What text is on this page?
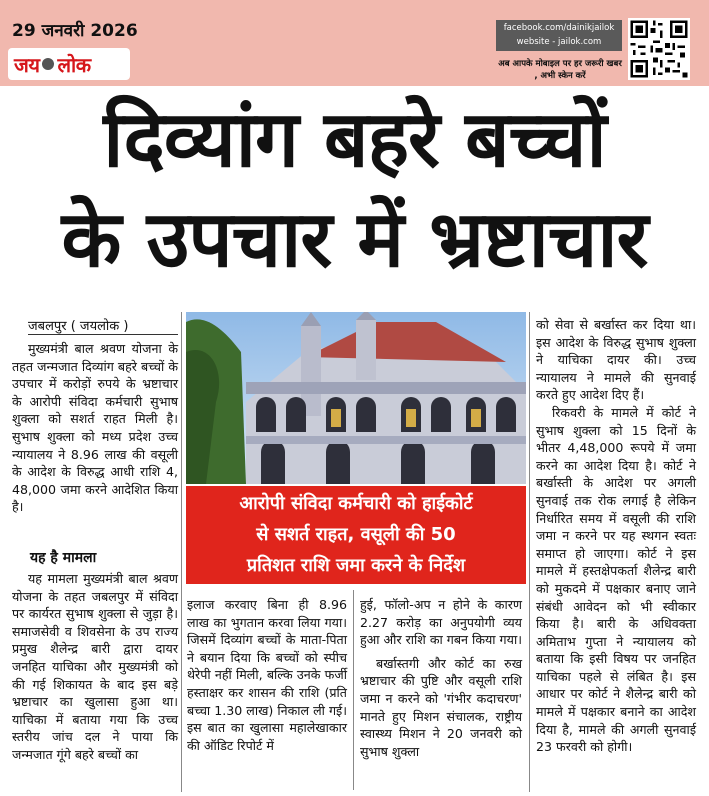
29 जनवरी 2026
जय लोक
facebook.com/dainikjailok
website - jailok.com
अब आपके मोबाइल पर हर जरूरी खबर , अभी स्केन करें
दिव्यांग बहरे बच्चों
के उपचार में भ्रष्टाचार
जबलपुर ( जयलोक )

मुख्यमंत्री बाल श्रवण योजना के तहत जन्मजात दिव्यांग बहरे बच्चों के उपचार में करोड़ों रुपये के भ्रष्टाचार के आरोपी संविदा कर्मचारी सुभाष शुक्ला को सशर्त राहत मिली है। सुभाष शुक्ला को मध्य प्रदेश उच्च न्यायालय ने 8.96 लाख की वसूली के आदेश के विरुद्ध आधी राशि 4, 48,000 जमा करने आदेशित किया है।

यह है मामला

यह मामला मुख्यमंत्री बाल श्रवण योजना के तहत जबलपुर में संविदा पर कार्यरत सुभाष शुक्ला से जुड़ा है। समाजसेवी व शिवसेना के उप राज्य प्रमुख शैलेन्द्र बारी द्वारा दायर जनहित याचिका और मुख्यमंत्री को की गई शिकायत के बाद इस बड़े भ्रष्टाचार का खुलासा हुआ था। याचिका में बताया गया कि उच्च स्तरीय जांच दल ने पाया कि जन्मजात गूंगे बहरे बच्चों का

आरोपी संविदा कर्मचारी को हाईकोर्ट
से सशर्त राहत, वसूली की 50
प्रतिशत राशि जमा करने के निर्देश

इलाज करवाए बिना ही 8.96 लाख का भुगतान करवा लिया गया। जिसमें दिव्यांग बच्चों के माता-पिता ने बयान दिया कि बच्चों को स्पीच थेरेपी नहीं मिली, बल्कि उनके फर्जी हस्ताक्षर कर शासन की राशि (प्रति बच्चा 1.30 लाख) निकाल ली गई। इस बात का खुलासा महालेखाकार की ऑडिट रिपोर्ट में

हुई, फॉलो-अप न होने के कारण 2.27 करोड़ का अनुपयोगी व्यय हुआ और राशि का गबन किया गया।

बर्खास्तगी और कोर्ट का रुख भ्रष्टाचार की पुष्टि और वसूली राशि जमा न करने को 'गंभीर कदाचरण' मानते हुए मिशन संचालक, राष्ट्रीय स्वास्थ्य मिशन ने 20 जनवरी को सुभाष शुक्ला

को सेवा से बर्खास्त कर दिया था। इस आदेश के विरुद्ध सुभाष शुक्ला ने याचिका दायर की। उच्च न्यायालय ने मामले की सुनवाई करते हुए आदेश दिए हैं।

रिकवरी के मामले में कोर्ट ने सुभाष शुक्ला को 15 दिनों के भीतर 4,48,000 रूपये में जमा करने का आदेश दिया है। कोर्ट ने बर्खास्ती के आदेश पर अगली सुनवाई तक रोक लगाई है लेकिन निर्धारित समय में वसूली की राशि जमा न करने पर यह स्थगन स्वतः समाप्त हो जाएगा। कोर्ट ने इस मामले में हस्तक्षेपकर्ता शैलेन्द्र बारी को मुकदमे में पक्षकार बनाए जाने संबंधी आवेदन को भी स्वीकार किया है। बारी के अधिवक्ता अमिताभ गुप्ता ने न्यायालय को बताया कि इसी विषय पर जनहित याचिका पहले से लंबित है। इस आधार पर कोर्ट ने शैलेन्द्र बारी को मामले में पक्षकार बनाने का आदेश दिया है, मामले की अगली सुनवाई 23 फरवरी को होगी।
